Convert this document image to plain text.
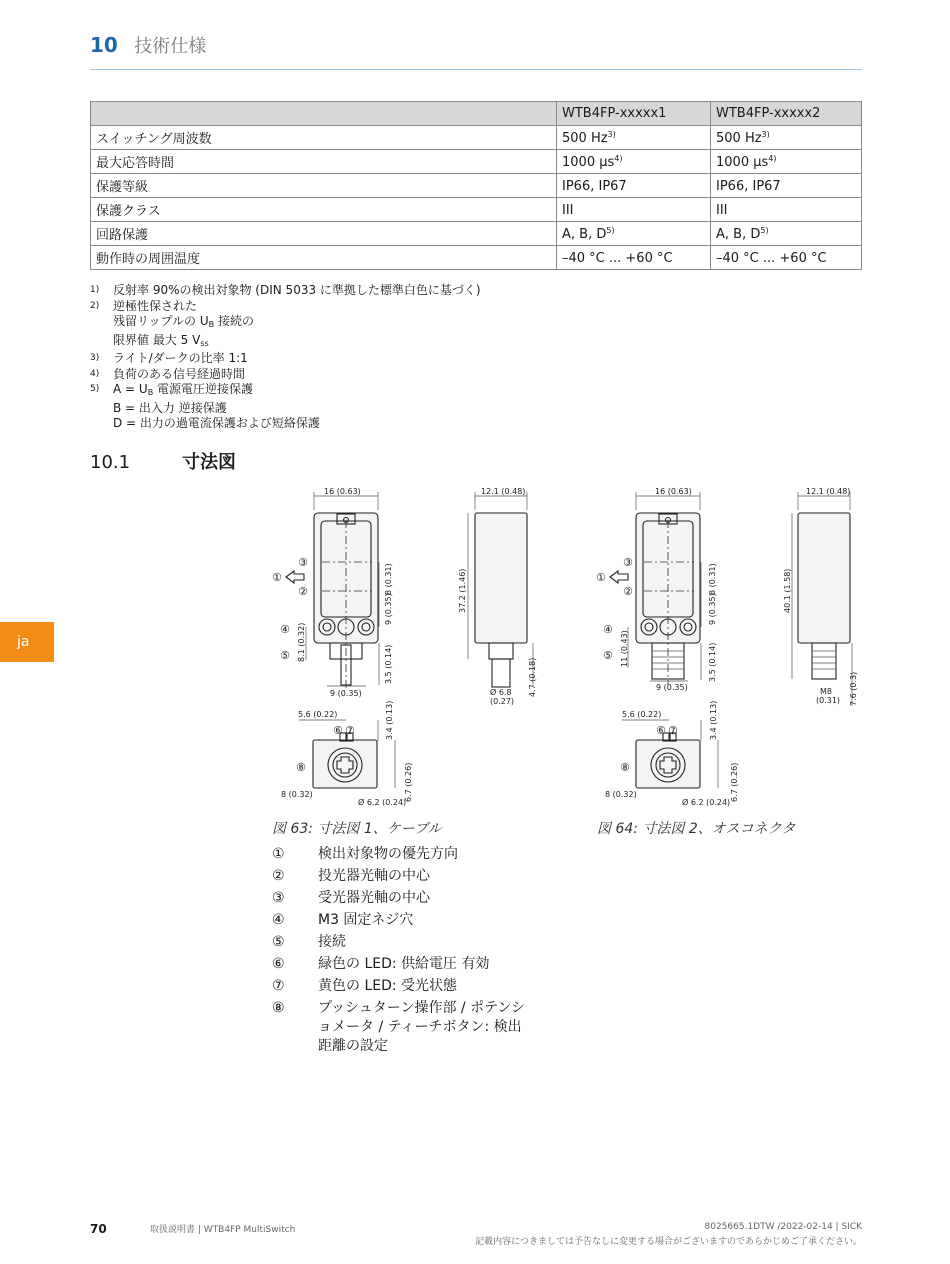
10 技術仕様
	WTB4FP-xxxxx1	WTB4FP-xxxxx2
スイッチング周波数	500 Hz$^{3)}$	500 Hz$^{3)}$
最大応答時間	1000 µs$^{4)}$	1000 µs$^{4)}$
保護等級	IP66, IP67	IP66, IP67
保護クラス	III	III
回路保護	A, B, $D^{5)}$	A, B, $D^{5)}$
動作時の周囲温度	–40 °C ... +60 °C	–40 °C ... +60 °C
1)	反射率 90%の検出対象物 (DIN 5033 に準拠した標準白色に基づく)
2)	逆極性保された
残留リップルの $U_B$ 接続の
限界値 最大 5 $V_{ss}$
3)	ライト/ダークの比率 1:1
4)	負荷のある信号経過時間
5)	$A = U_B$ 電源電圧逆接保護
B = 出入力 逆接保護
D = 出力の過電流保護および短絡保護
10.1	寸法図
ja
16 (0.63)
8 (0.31)
9 (0.35)
8.1 (0.32)
3.5 (0.14)
9 (0.35)
①
③
②
④
⑤
12.1 (0.48)
37.2 (1.46)
4.7 (0.18)
Ø 6.8
(0.27)
5.6 (0.22)	3.4 (0.13)
6.7 (0.26)
8 (0.32)
Ø 6.2 (0.24)
⑥ ⑦
⑧
16 (0.63)
8 (0.31)
9 (0.35)
11 (0.43)	3.5 (0.14)
9 (0.35)
①
③
②
④
⑤
12.1 (0.48)
40.1 (1.58)
7.6 (0.3)
M8
(0.31)
5.6 (0.22)	3.4 (0.13)
6.7 (0.26)
8 (0.32)
Ø 6.2 (0.24)
⑥ ⑦
⑧
図 63: 寸法図 1、ケーブル	図 64: 寸法図 2、オスコネクタ
①	検出対象物の優先方向
②	投光器光軸の中心
③	受光器光軸の中心
④	M3 固定ネジ穴
⑤	接続
⑥	緑色の LED: 供給電圧 有効
⑦	黄色の LED: 受光状態
⑧	プッシュターン操作部 / ポテンシ
ョメータ / ティーチボタン: 検出
距離の設定
70	取扱説明書 | WTB4FP MultiSwitch	8025665.1DTW /2022-02-14 | SICK
記載内容につきましては予告なしに変更する場合がございますのであらかじめご了承ください。
